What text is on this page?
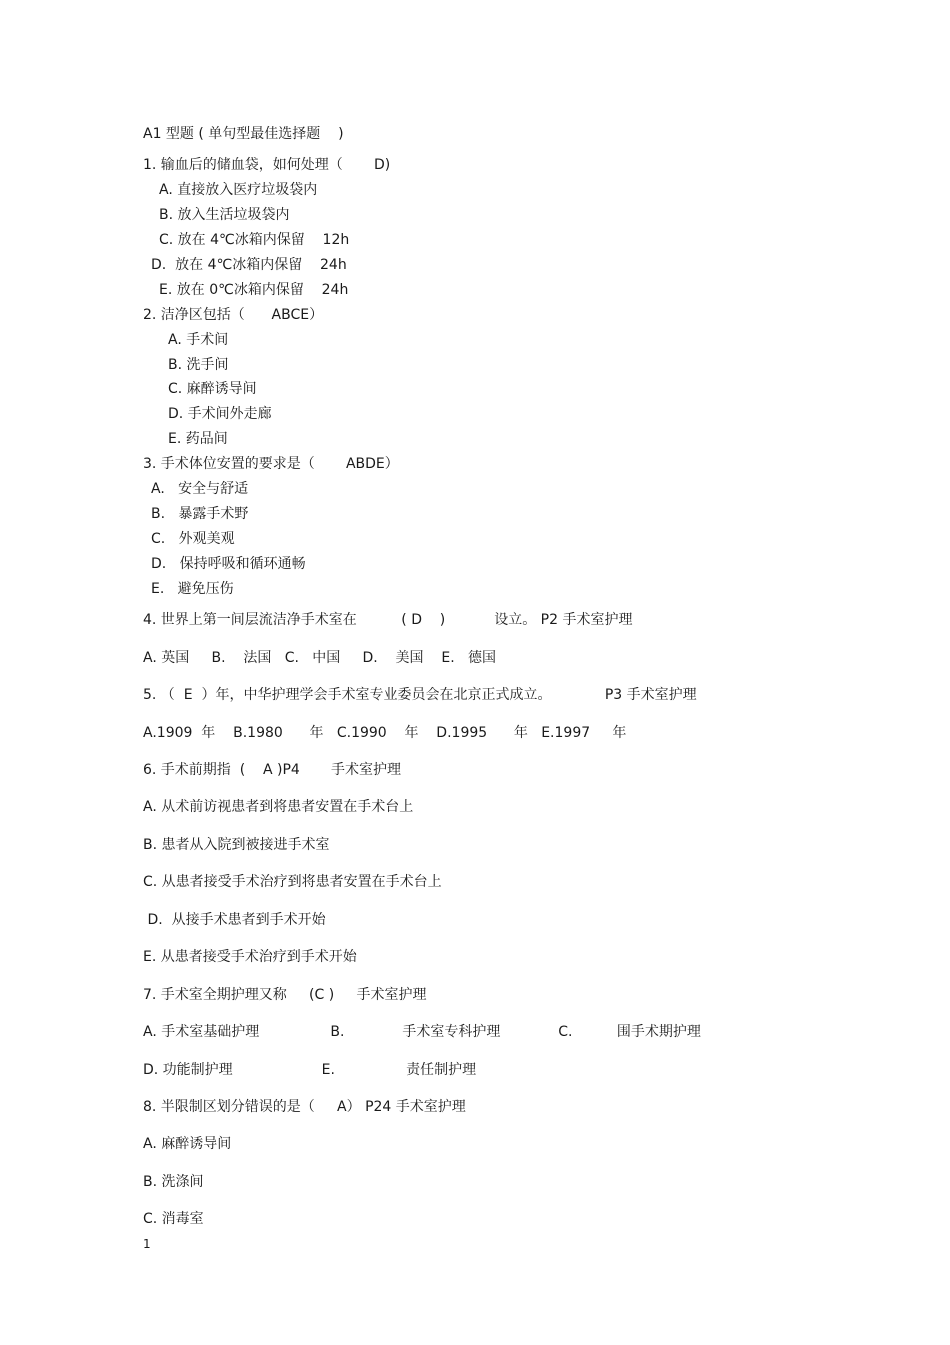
A1 型题 ( 单句型最佳选择题    )
1. 输血后的储血袋，如何处理（       D)
A. 直接放入医疗垃圾袋内
B. 放入生活垃圾袋内
C. 放在 4℃冰箱内保留    12h
D.  放在 4℃冰箱内保留    24h
E. 放在 0℃冰箱内保留    24h
2. 洁净区包括（      ABCE）
A. 手术间
B. 洗手间
C. 麻醉诱导间
D. 手术间外走廊
E. 药品间
3. 手术体位安置的要求是（       ABDE）
A.   安全与舒适
B.   暴露手术野
C.   外观美观
D.   保持呼吸和循环通畅
E.   避免压伤
4. 世界上第一间层流洁净手术室在          ( D    )           设立。 P2 手术室护理
A. 英国     B.    法国   C.   中国     D.    美国    E.   德国
5. （  E  ）年，中华护理学会手术室专业委员会在北京正式成立。            P3 手术室护理
A.1909  年    B.1980      年   C.1990    年    D.1995      年   E.1997     年
6. 手术前期指  (    A )P4       手术室护理
A. 从术前访视患者到将患者安置在手术台上
B. 患者从入院到被接进手术室
C. 从患者接受手术治疗到将患者安置在手术台上
D.  从接手术患者到手术开始
E. 从患者接受手术治疗到手术开始
7. 手术室全期护理又称     (C )     手术室护理
A. 手术室基础护理                B.             手术室专科护理             C.          围手术期护理
D. 功能制护理                    E.                责任制护理
8. 半限制区划分错误的是（     A） P24 手术室护理
A. 麻醉诱导间
B. 洗涤间
C. 消毒室
1
